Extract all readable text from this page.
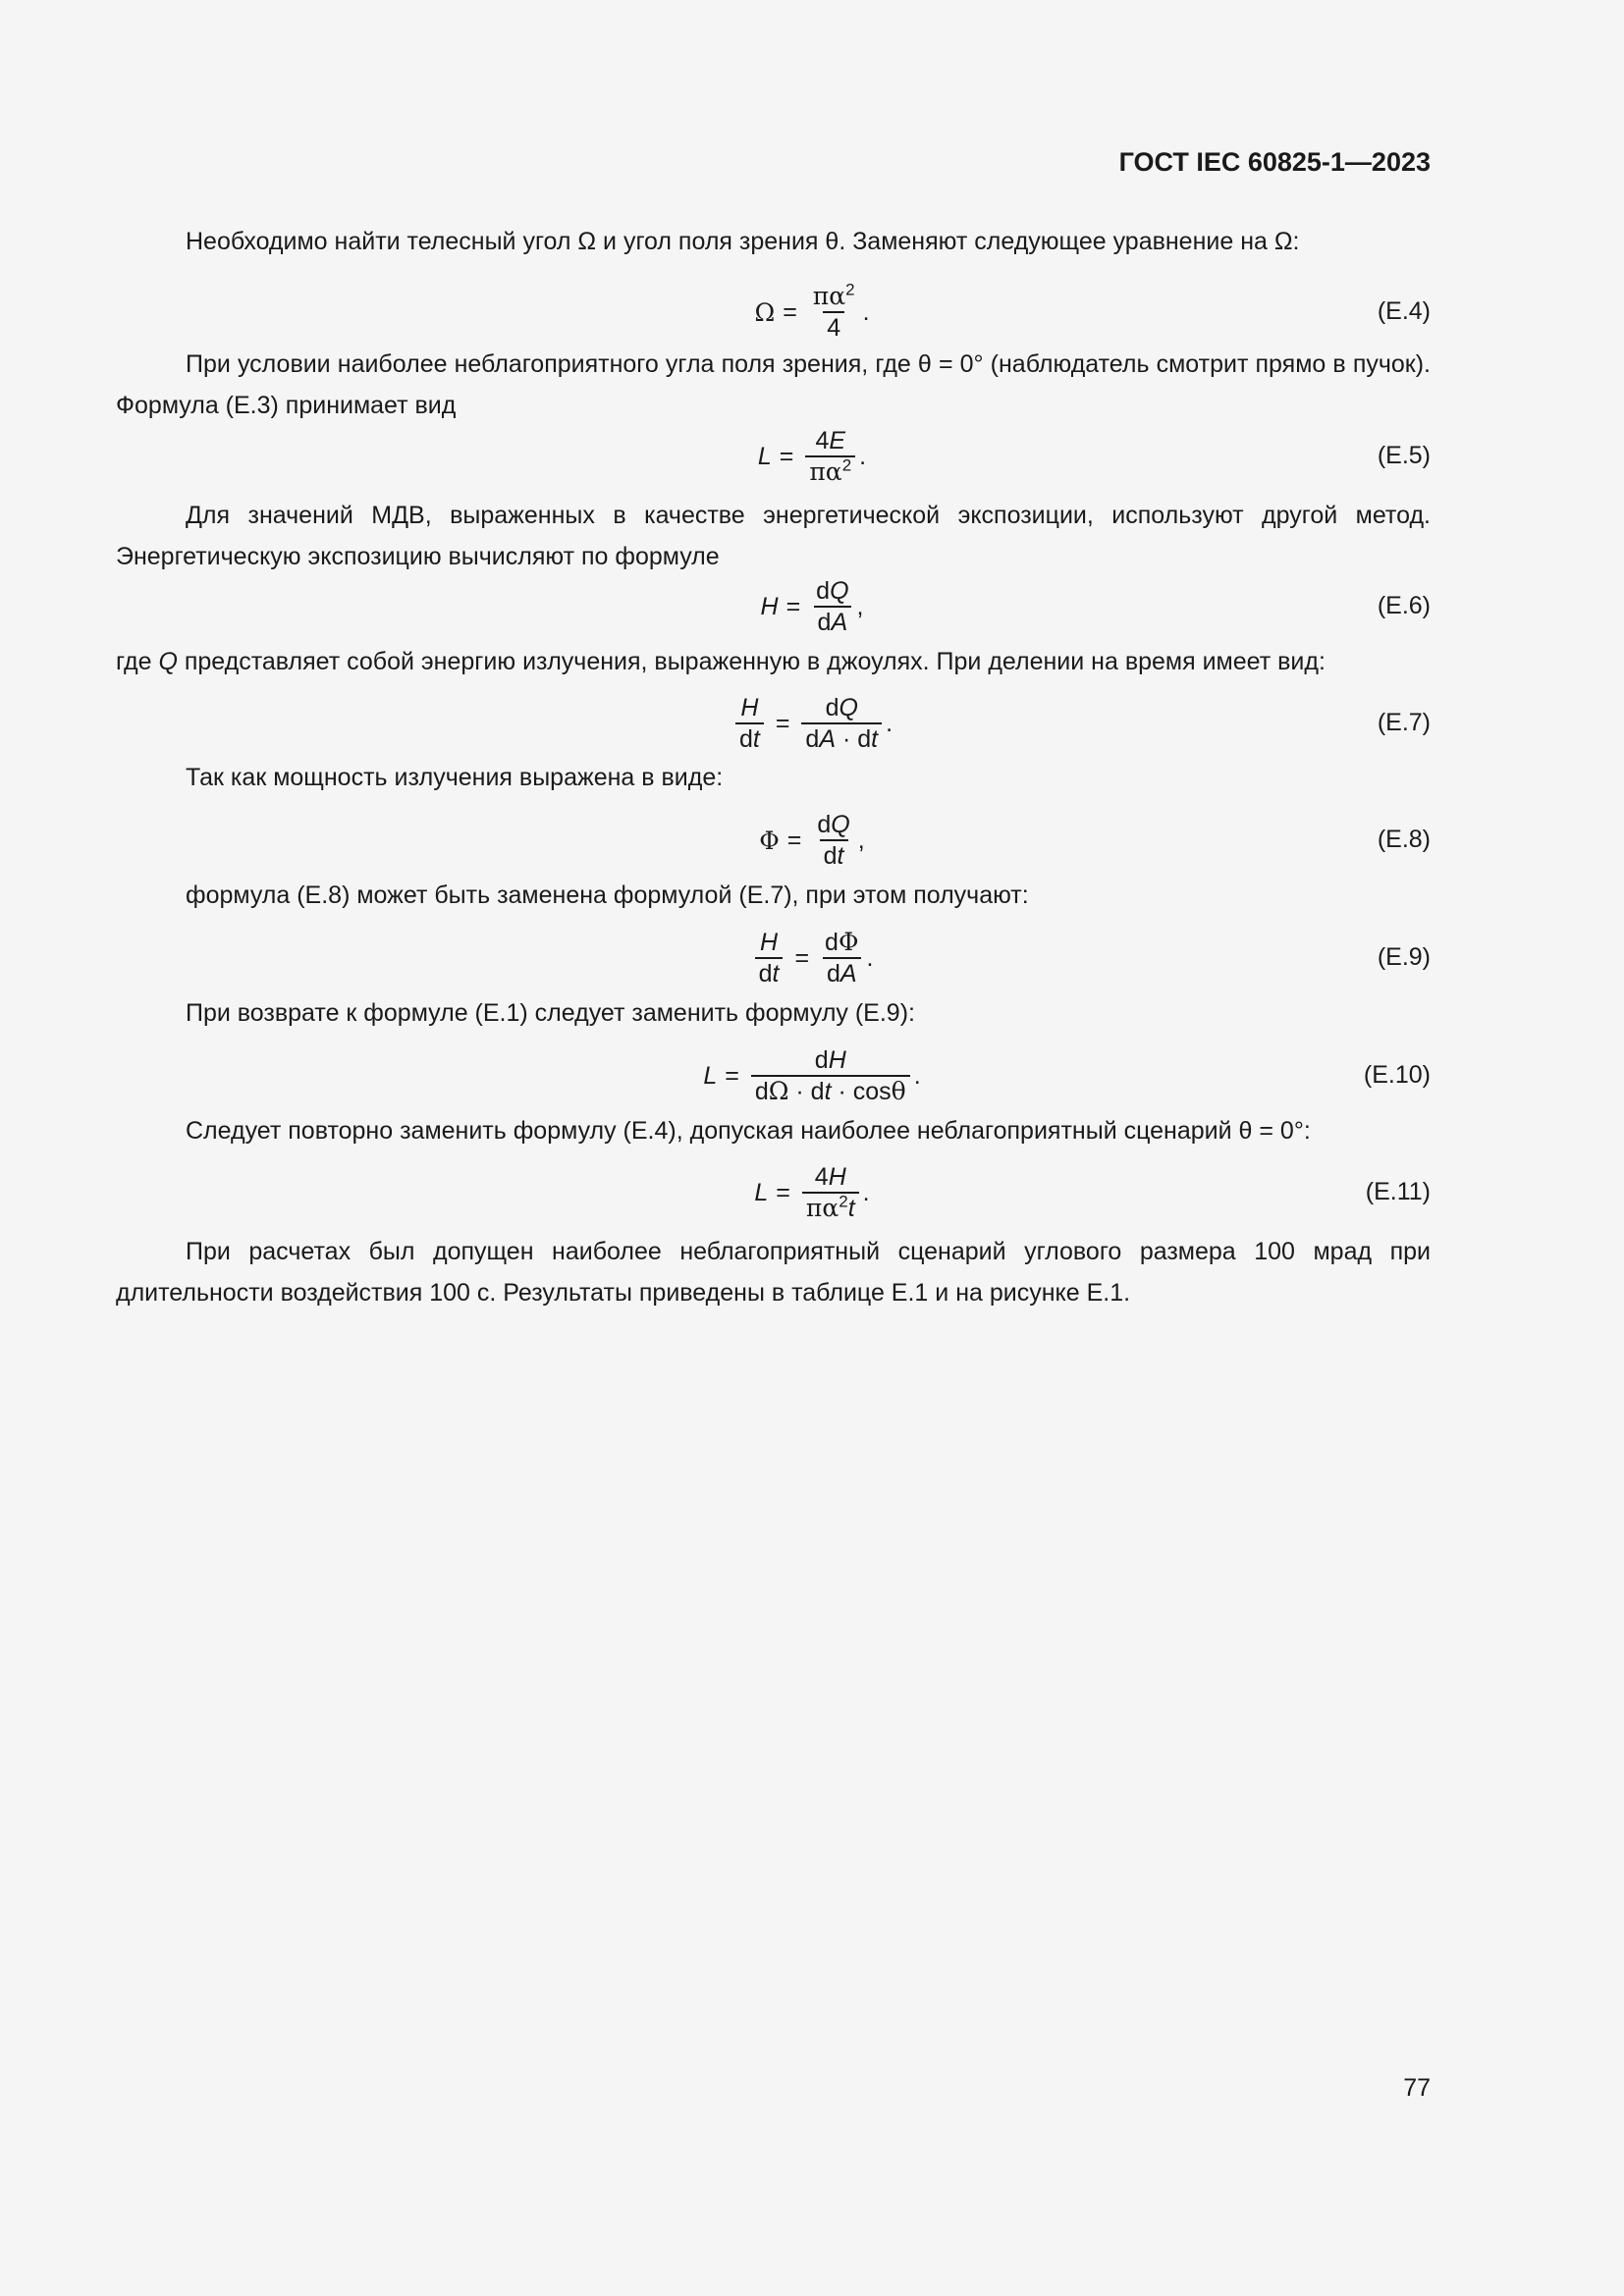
ГОСТ IEC 60825-1—2023
Необходимо найти телесный угол Ω и угол поля зрения θ. Заменяют следующее уравнение на Ω:
$\Omega = \frac{\pi\alpha^2}{4}$ .	(E.4)
При условии наиболее неблагоприятного угла поля зрения, где θ = 0° (наблюдатель смотрит прямо в пучок). Формула (E.3) принимает вид
$L = \frac{4E}{\pi\alpha^2}$ .	(E.5)
Для значений МДВ, выраженных в качестве энергетической экспозиции, используют другой метод. Энергетическую экспозицию вычисляют по формуле
$H = \frac{dQ}{dA}$ ,	(E.6)
где Q представляет собой энергию излучения, выраженную в джоулях. При делении на время имеет вид:
$\frac{H}{dt} = \frac{dQ}{dA \cdot dt}$ .	(E.7)
Так как мощность излучения выражена в виде:
$\Phi = \frac{dQ}{dt}$ ,	(E.8)
формула (E.8) может быть заменена формулой (E.7), при этом получают:
$\frac{H}{dt} = \frac{d\Phi}{dA}$ .	(E.9)
При возврате к формуле (E.1) следует заменить формулу (E.9):
$L = \frac{dH}{d\Omega \cdot dt \cdot \cos\theta}$ .	(E.10)
Следует повторно заменить формулу (E.4), допуская наиболее неблагоприятный сценарий θ = 0°:
$L = \frac{4H}{\pi\alpha^2t}$ .	(E.11)
При расчетах был допущен наиболее неблагоприятный сценарий углового размера 100 мрад при длительности воздействия 100 с. Результаты приведены в таблице E.1 и на рисунке E.1.
77
